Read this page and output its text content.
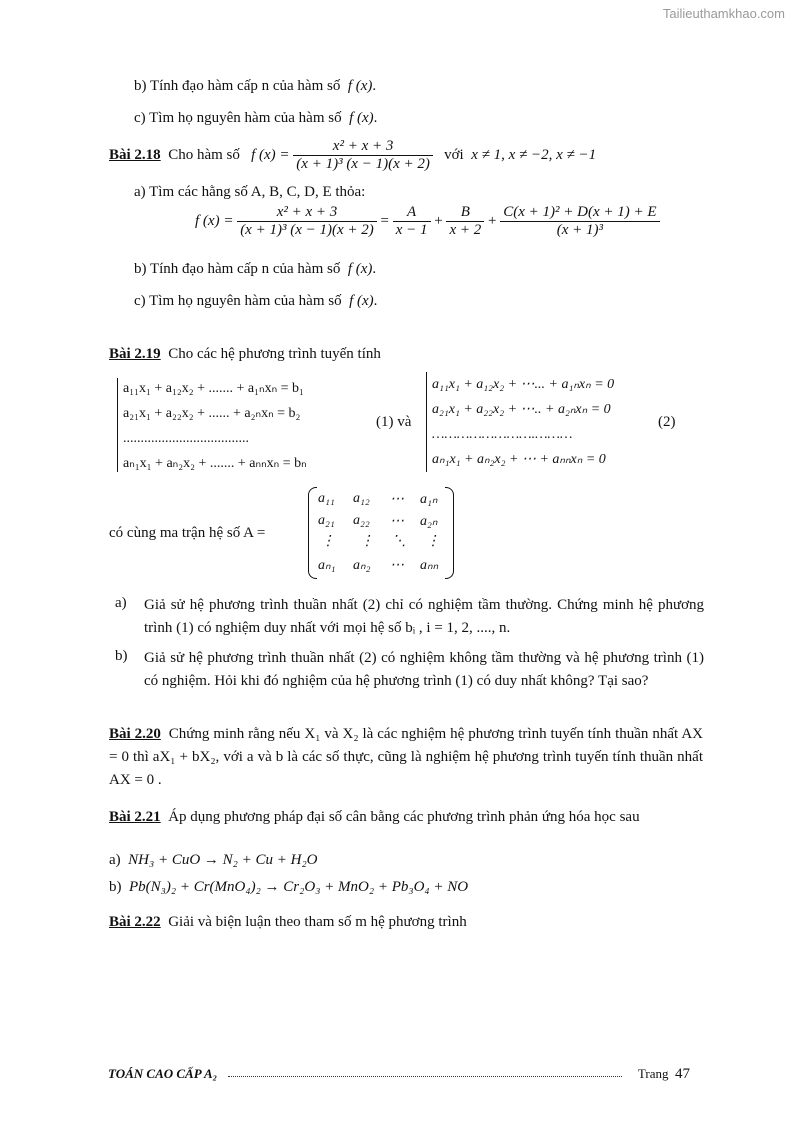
Tailieuthamkhao.com
b) Tính đạo hàm cấp n của hàm số f (x).
c) Tìm họ nguyên hàm của hàm số f (x).
Bài 2.18 Cho hàm số f $(x) = \frac{\text{x² + x + 3}}{\text{(x + 1)³ (x − 1)(x + 2)}}$ với x ≠ 1, x ≠ −2, x ≠ −1
a) Tìm các hằng số A, B, C, D, E thỏa:
f $(x) = \frac{\text{x² + x + 3}}{\text{(x + 1)³ (x − 1)(x + 2)}} = \frac{A}{x - 1} + \frac{B}{x + 2} + \frac{\text{C(x + 1)² + D(x + 1) + E}}{\text{(x + 1)³}}$
b) Tính đạo hàm cấp n của hàm số f (x).
c) Tìm họ nguyên hàm của hàm số f (x).
Bài 2.19 Cho các hệ phương trình tuyến tính
a₁₁x₁ + a₁₂x₂ + ....... + a₁ₙxₙ = b₁
a₂₁x₁ + a₂₂x₂ + ...... + a₂ₙxₙ = b₂
....................................
aₙ₁x₁ + aₙ₂x₂ + ....... + aₙₙxₙ = bₙ
(1) và
a₁₁x₁ + a₁₂x₂ + ⋯... + a₁ₙxₙ = 0
a₂₁x₁ + a₂₂x₂ + ⋯.. + a₂ₙxₙ = 0
…………………….………
aₙ₁x₁ + aₙ₂x₂ + ⋯ + aₙₙxₙ = 0
(2)
có cùng ma trận hệ số A =
a₁₁ a₁₂ ⋯ a₁ₙ
a₂₁ a₂₂ ⋯ a₂ₙ
⋮ ⋮ ⋱ ⋮
aₙ₁ aₙ₂ ⋯ aₙₙ
a) Giả sử hệ phương trình thuần nhất (2) chỉ có nghiệm tầm thường. Chứng minh hệ phương trình (1) có nghiệm duy nhất với mọi hệ số bᵢ , i = 1, 2, ...., n.
b) Giả sử hệ phương trình thuần nhất (2) có nghiệm không tầm thường và hệ phương trình (1) có nghiệm. Hỏi khi đó nghiệm của hệ phương trình (1) có duy nhất không? Tại sao?
Bài 2.20 Chứng minh rằng nếu X₁ và X₂ là các nghiệm hệ phương trình tuyến tính thuần nhất AX = 0 thì aX₁ + bX₂, với a và b là các số thực, cũng là nghiệm hệ phương trình tuyến tính thuần nhất AX = 0 .
Bài 2.21 Áp dụng phương pháp đại số cân bằng các phương trình phản ứng hóa học sau
a) NH₃ + CuO → N₂ + Cu + H₂O
b) Pb(N₃)₂ + Cr(MnO₄)₂ → Cr₂O₃ + MnO₂ + Pb₃O₄ + NO
Bài 2.22 Giải và biện luận theo tham số m hệ phương trình
TOÁN CAO CẤP A₂	Trang 47
